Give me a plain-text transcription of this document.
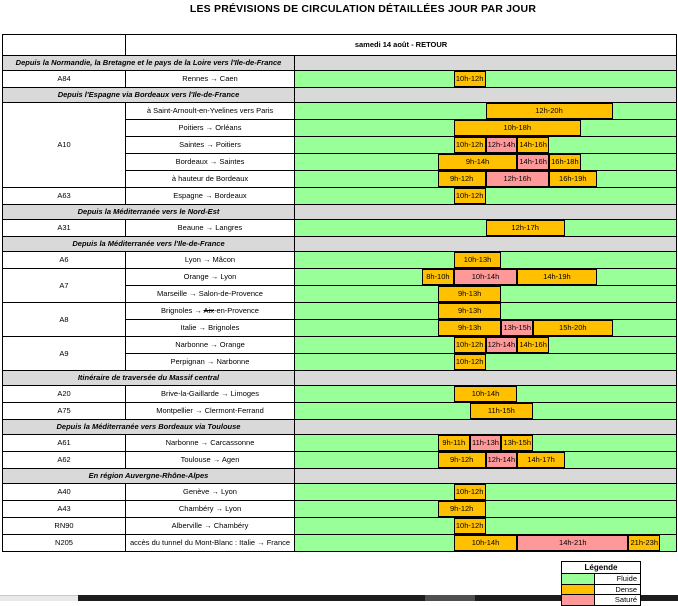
LES PRÉVISIONS DE CIRCULATION DÉTAILLÉES JOUR PAR JOUR
	samedi 14 août - RETOUR	
Depuis la Normandie, la Bretagne et le pays de la Loire vers l'Ile-de-France		
A84	Rennes → Caen	10h-12h

Depuis l'Espagne via Bordeaux vers l'Ile-de-France		
A10	à Saint-Arnoult-en-Yvelines vers Paris	12h-20h

	Poitiers → Orléans	10h-18h

	Saintes → Poitiers	10h-12h 12h-14h 14h-16h

	Bordeaux → Saintes	9h-14h 14h-16h 16h-18h

	à hauteur de Bordeaux	9h-12h 12h-16h 16h-19h

A63	Espagne → Bordeaux	10h-12h

Depuis la Méditerranée vers le Nord-Est		
A31	Beaune → Langres	12h-17h

Depuis la Méditerranée vers l'Ile-de-France		
A6	Lyon → Mâcon	10h-13h

A7	Orange → Lyon	8h-10h 10h-14h 14h-19h

	Marseille → Salon-de-Provence	9h-13h

A8	Brignoles → Aix-en-Provence	9h-13h

	Italie → Brignoles	9h-13h 13h-15h 15h-20h

A9	Narbonne → Orange	10h-12h 12h-14h 14h-16h

	Perpignan → Narbonne	10h-12h

Itinéraire de traversée du Massif central		
A20	Brive-la-Gaillarde → Limoges	10h-14h

A75	Montpellier → Clermont-Ferrand	11h-15h

Depuis la Méditerranée vers Bordeaux via Toulouse		
A61	Narbonne → Carcassonne	9h-11h 11h-13h 13h-15h

A62	Toulouse → Agen	9h-12h 12h-14h 14h-17h

En région Auvergne-Rhône-Alpes		
A40	Genève → Lyon	10h-12h

A43	Chambéry → Lyon	9h-12h

RN90	Alberville → Chambéry	10h-12h

N205	accès du tunnel du Mont-Blanc : Italie → France	10h-14h 14h-21h 21h-23h
Légende
Fluide
Dense
Saturé
